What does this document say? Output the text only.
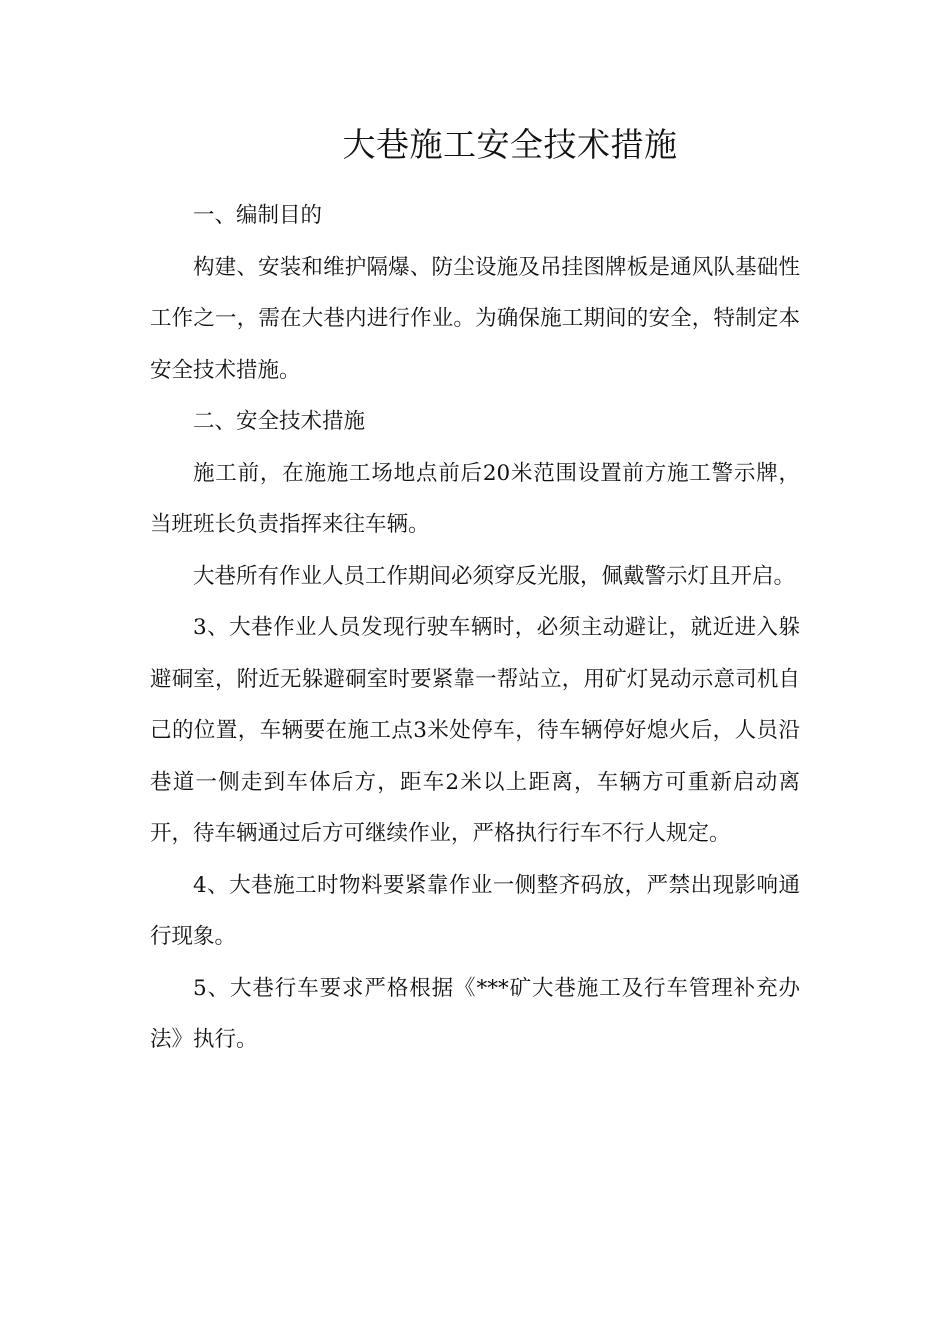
大巷施工安全技术措施

一、编制目的

构建、安装和维护隔爆、防尘设施及吊挂图牌板是通风队基础性工作之一，需在大巷内进行作业。为确保施工期间的安全，特制定本安全技术措施。

二、安全技术措施

施工前，在施施工场地点前后20米范围设置前方施工警示牌，当班班长负责指挥来往车辆。

大巷所有作业人员工作期间必须穿反光服，佩戴警示灯且开启。

3、大巷作业人员发现行驶车辆时，必须主动避让，就近进入躲避硐室，附近无躲避硐室时要紧靠一帮站立，用矿灯晃动示意司机自己的位置，车辆要在施工点3米处停车，待车辆停好熄火后，人员沿巷道一侧走到车体后方，距车2米以上距离，车辆方可重新启动离开，待车辆通过后方可继续作业，严格执行行车不行人规定。

4、大巷施工时物料要紧靠作业一侧整齐码放，严禁出现影响通行现象。

5、大巷行车要求严格根据《***矿大巷施工及行车管理补充办法》执行。
